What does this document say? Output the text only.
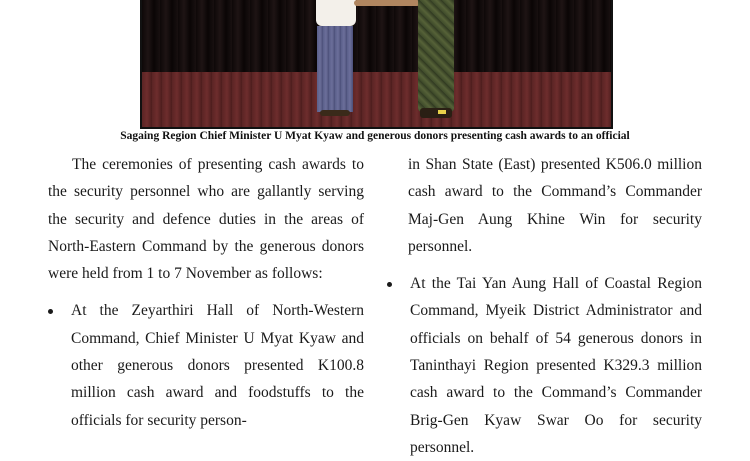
Sagaing Region Chief Minister U Myat Kyaw and generous donors presenting cash awards to an official

The ceremonies of presenting cash awards to the security personnel who are gallantly serving the security and defence duties in the areas of North-Eastern Command by the generous donors were held from 1 to 7 November as follows:

At the Zeyarthiri Hall of North-Western Command, Chief Minister U Myat Kyaw and other generous donors presented K100.8 million cash award and foodstuffs to the officials for security person-

in Shan State (East) presented K506.0 million cash award to the Command’s Commander Maj-Gen Aung Khine Win for security personnel.

At the Tai Yan Aung Hall of Coastal Region Command, Myeik District Administrator and officials on behalf of 54 generous donors in Taninthayi Region presented K329.3 million cash award to the Command’s Commander Brig-Gen Kyaw Swar Oo for security personnel.
